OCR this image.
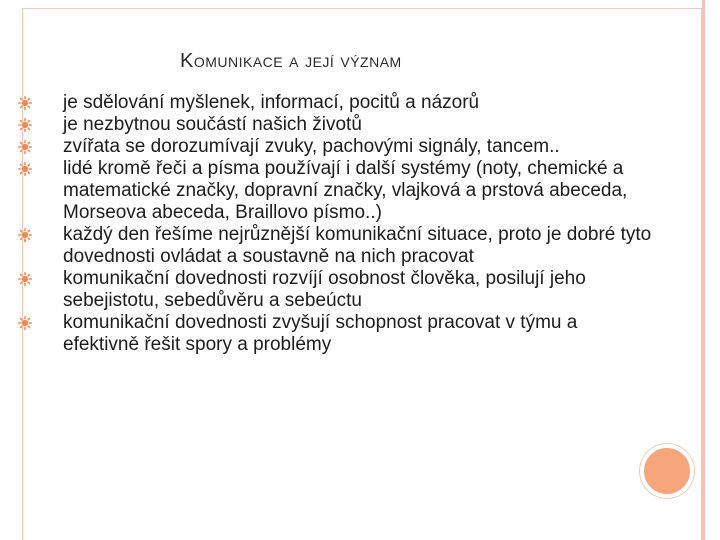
Komunikace a její význam
je sdělování myšlenek, informací, pocitů a názorů
je nezbytnou součástí našich životů
zvířata se dorozumívají zvuky, pachovými signály, tancem..
lidé kromě řeči a písma používají i další systémy (noty, chemické a matematické značky, dopravní značky, vlajková a prstová abeceda, Morseova abeceda, Braillovo písmo..)
každý den řešíme nejrůznější komunikační situace, proto je dobré tyto dovednosti ovládat a soustavně na nich pracovat
komunikační dovednosti rozvíjí osobnost člověka, posilují jeho sebejistotu, sebedůvěru a sebeúctu
komunikační dovednosti zvyšují schopnost pracovat v týmu a efektivně řešit spory a problémy
